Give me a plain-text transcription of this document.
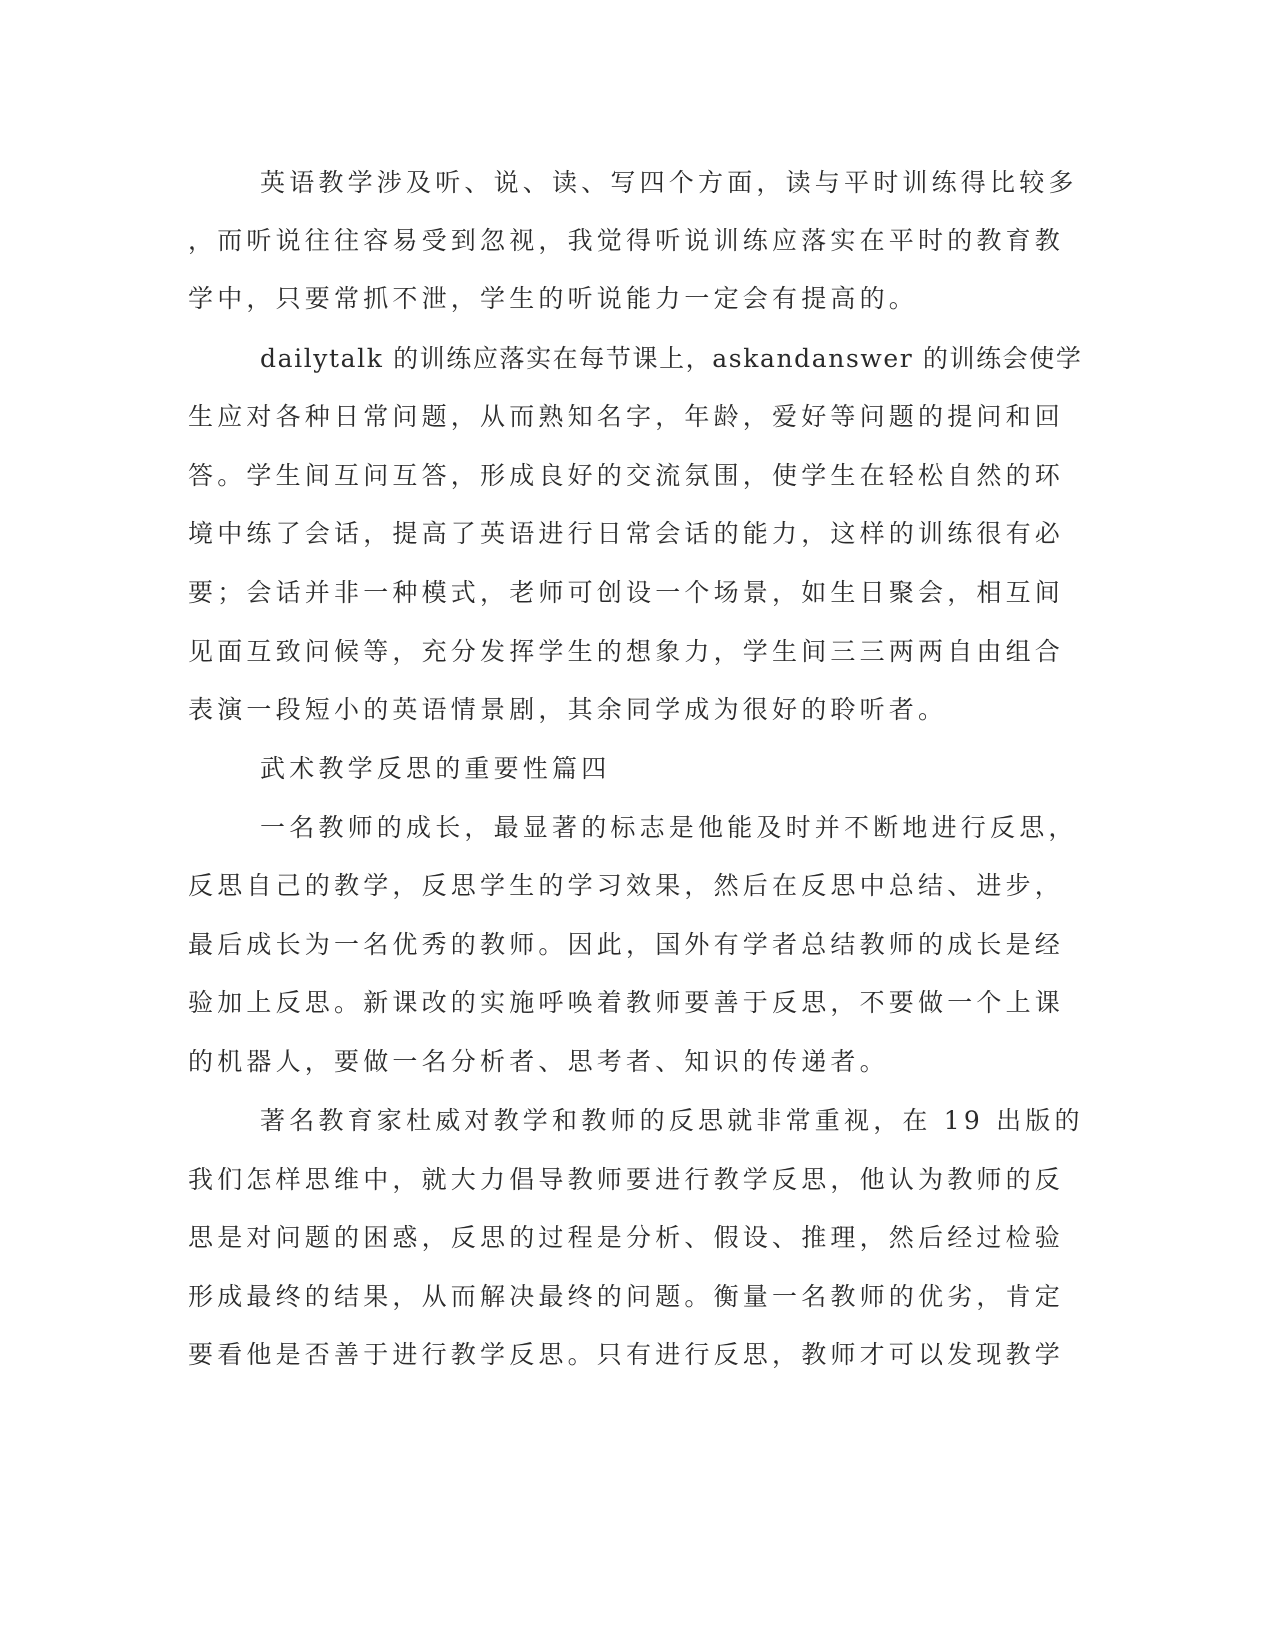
英语教学涉及听、说、读、写四个方面，读与平时训练得比较多
，而听说往往容易受到忽视，我觉得听说训练应落实在平时的教育教
学中，只要常抓不泄，学生的听说能力一定会有提高的。
dailytalk 的训练应落实在每节课上，askandanswer 的训练会使学
生应对各种日常问题，从而熟知名字，年龄，爱好等问题的提问和回
答。学生间互问互答，形成良好的交流氛围，使学生在轻松自然的环
境中练了会话，提高了英语进行日常会话的能力，这样的训练很有必
要；会话并非一种模式，老师可创设一个场景，如生日聚会，相互间
见面互致问候等，充分发挥学生的想象力，学生间三三两两自由组合
表演一段短小的英语情景剧，其余同学成为很好的聆听者。
武术教学反思的重要性篇四
一名教师的成长，最显著的标志是他能及时并不断地进行反思，
反思自己的教学，反思学生的学习效果，然后在反思中总结、进步，
最后成长为一名优秀的教师。因此，国外有学者总结教师的成长是经
验加上反思。新课改的实施呼唤着教师要善于反思，不要做一个上课
的机器人，要做一名分析者、思考者、知识的传递者。
著名教育家杜威对教学和教师的反思就非常重视，在 19 出版的
我们怎样思维中，就大力倡导教师要进行教学反思，他认为教师的反
思是对问题的困惑，反思的过程是分析、假设、推理，然后经过检验
形成最终的结果，从而解决最终的问题。衡量一名教师的优劣，肯定
要看他是否善于进行教学反思。只有进行反思，教师才可以发现教学
